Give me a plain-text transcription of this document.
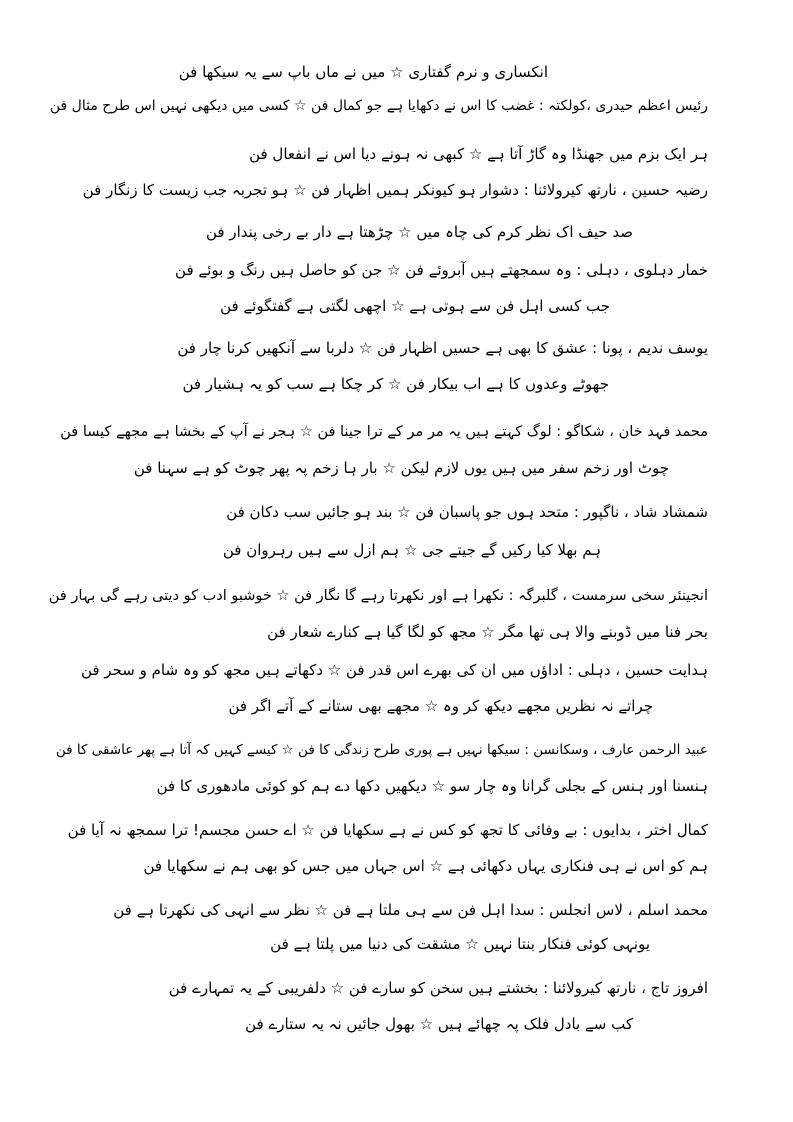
انکساری و نرم گفتاری ☆ میں نے ماں باپ سے یہ سیکھا فن
رئیس اعظم حیدری ،کولکتہ : غضب کا اس نے دکھایا ہے جو کمال فن ☆ کسی میں دیکھی نہیں اس طرح مثال فن
ہر ایک بزم میں جھنڈا وہ گاڑ آتا ہے ☆ کبھی نہ ہونے دیا اس نے انفعال فن
رضیہ حسین ، نارتھ کیرولائنا : دشوار ہو کیونکر ہمیں اظہار فن ☆ ہو تجربہ جب زیست کا زنگار فن
صد حیف اک نظر کرم کی چاہ میں ☆ چڑھتا ہے دار بے رخی پندار فن
خمار دہلوی ، دہلی : وہ سمجھتے ہیں آبروئے فن ☆ جن کو حاصل ہیں رنگ و بوئے فن
جب کسی اہل فن سے ہوتی ہے ☆ اچھی لگتی ہے گفتگوئے فن
یوسف ندیم ، پونا : عشق کا بھی ہے حسیں اظہار فن ☆ دلربا سے آنکھیں کرنا چار فن
جھوٹے وعدوں کا ہے اب بیکار فن ☆ کر چکا ہے سب کو یہ ہشیار فن
محمد فہد خان ، شکاگو : لوگ کہتے ہیں یہ مر مر کے ترا جینا فن ☆ ہجر نے آپ کے بخشا ہے مجھے کیسا فن
چوٹ اور زخم سفر میں ہیں یوں لازم لیکن ☆ بار ہا زخم پہ پھر چوٹ کو ہے سہنا فن
شمشاد شاد ، ناگپور : متحد ہوں جو پاسبان فن ☆ بند ہو جائیں سب دکان فن
ہم بھلا کیا رکیں گے جیتے جی ☆ ہم ازل سے ہیں رہروان فن
انجینئر سخی سرمست ، گلبرگہ : نکھرا ہے اور نکھرتا رہے گا نگار فن ☆ خوشبو ادب کو دیتی رہے گی بہار فن
بحر فنا میں ڈوبنے والا ہی تھا مگر ☆ مجھ کو لگا گیا ہے کنارے شعار فن
ہدایت حسین ، دہلی : اداؤں میں ان کی بھرے اس قدر فن ☆ دکھاتے ہیں مجھ کو وہ شام و سحر فن
چراتے نہ نظریں مجھے دیکھ کر وہ ☆ مجھے بھی ستانے کے آتے اگر فن
عبید الرحمن عارف ، وسکانسن : سیکھا نہیں ہے پوری طرح زندگی کا فن ☆ کیسے کہیں کہ آتا ہے پھر عاشقی کا فن
ہنسنا اور ہنس کے بجلی گرانا وہ چار سو ☆ دیکھیں دکھا دے ہم کو کوئی مادھوری کا فن
کمال اختر ، بدایوں : بے وفائی کا تجھ کو کس نے ہے سکھایا فن ☆ اے حسن مجسم! ترا سمجھ نہ آیا فن
ہم کو اس نے ہی فنکاری یہاں دکھائی ہے ☆ اس جہاں میں جس کو بھی ہم نے سکھایا فن
محمد اسلم ، لاس انجلس : سدا اہل فن سے ہی ملتا ہے فن ☆ نظر سے انہی کی نکھرتا ہے فن
یونہی کوئی فنکار بنتا نہیں ☆ مشقت کی دنیا میں پلتا ہے فن
افروز تاج ، نارتھ کیرولائنا : بخشتے ہیں سخن کو سارے فن ☆ دلفریبی کے یہ تمہارے فن
کب سے بادل فلک پہ چھائے ہیں ☆ بھول جائیں نہ یہ ستارے فن
